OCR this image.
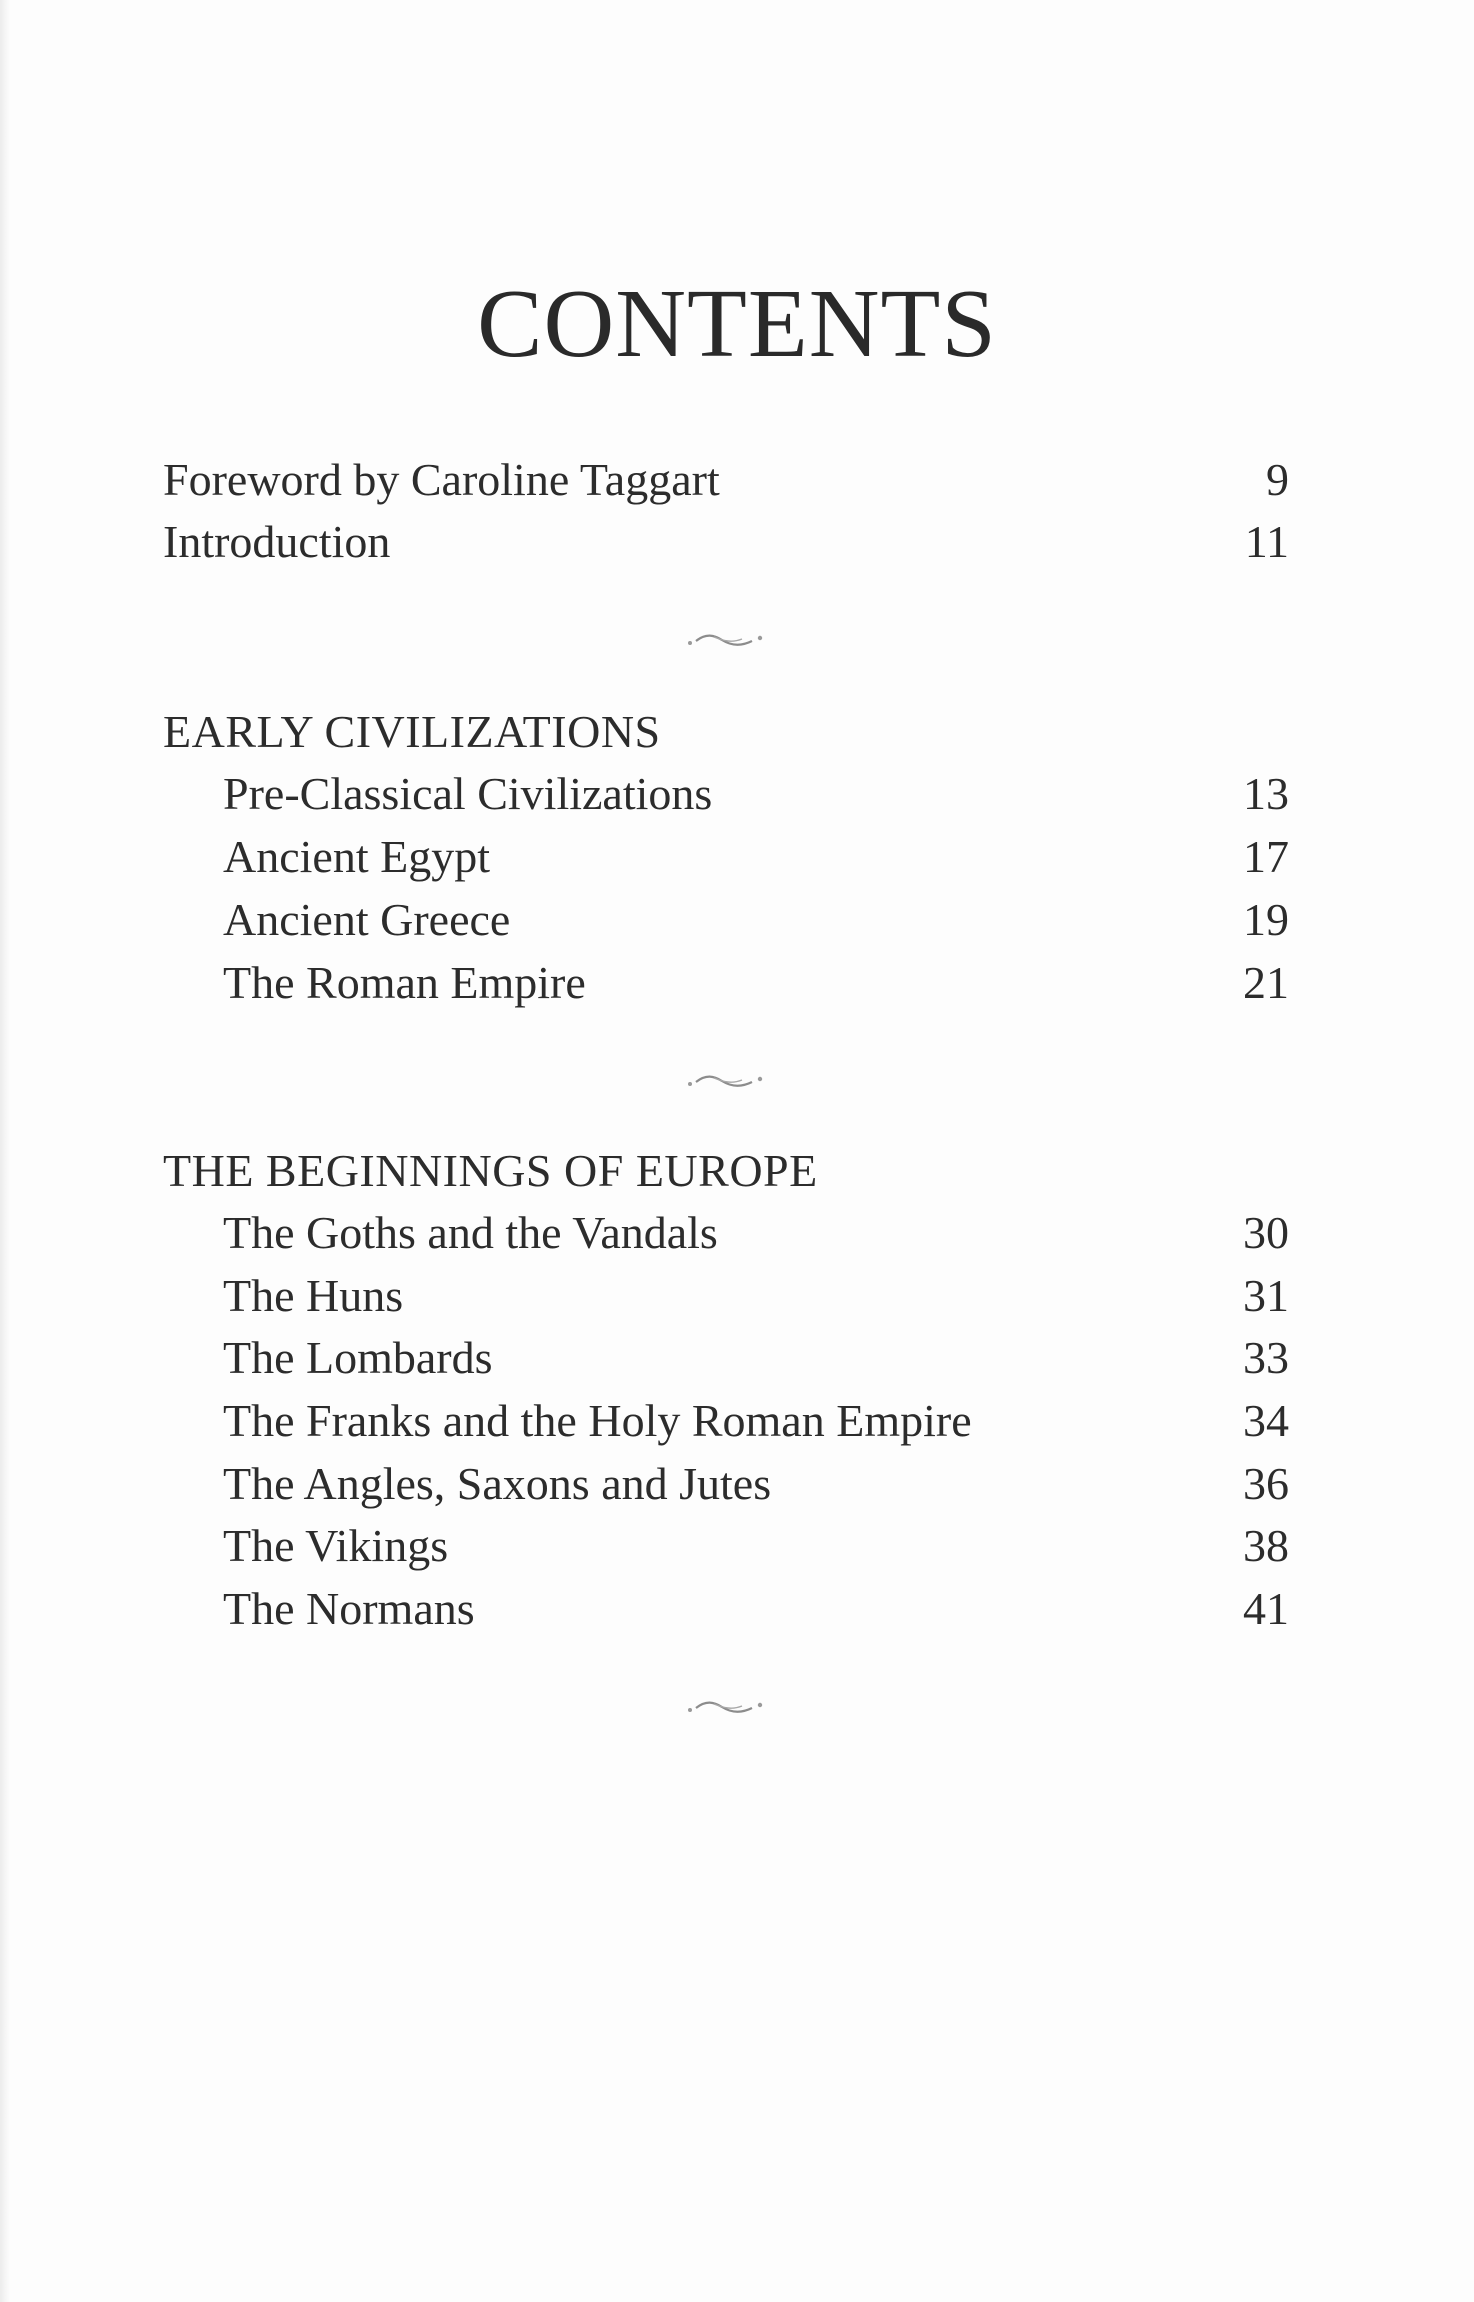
CONTENTS
Foreword by Caroline Taggart	9
Introduction	11
EARLY CIVILIZATIONS
Pre-Classical Civilizations	13
Ancient Egypt	17
Ancient Greece	19
The Roman Empire	21
THE BEGINNINGS OF EUROPE
The Goths and the Vandals	30
The Huns	31
The Lombards	33
The Franks and the Holy Roman Empire	34
The Angles, Saxons and Jutes	36
The Vikings	38
The Normans	41
